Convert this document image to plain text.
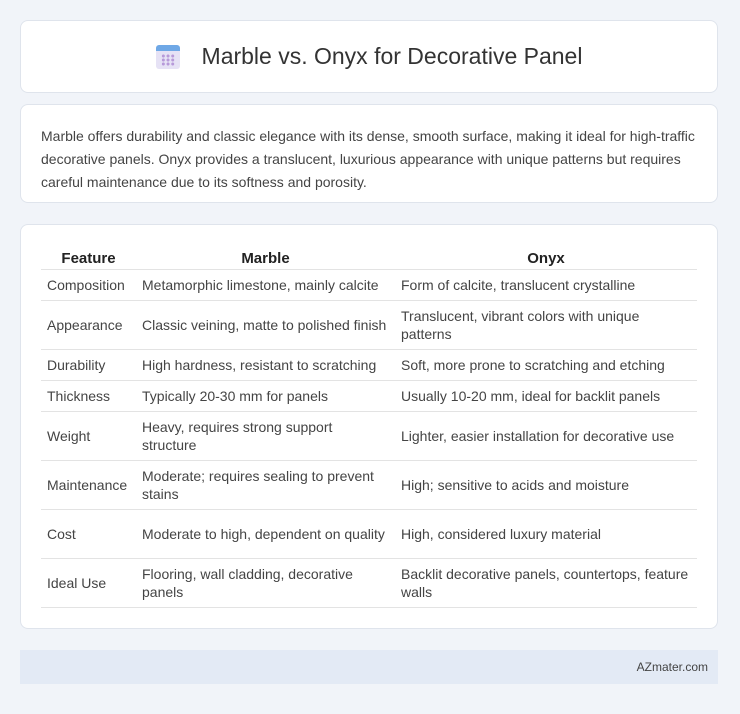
Marble vs. Onyx for Decorative Panel

Marble offers durability and classic elegance with its dense, smooth surface, making it ideal for high-traffic decorative panels. Onyx provides a translucent, luxurious appearance with unique patterns but requires careful maintenance due to its softness and porosity.

Feature	Marble	Onyx
Composition	Metamorphic limestone, mainly calcite	Form of calcite, translucent crystalline
Appearance	Classic veining, matte to polished finish	Translucent, vibrant colors with unique patterns
Durability	High hardness, resistant to scratching	Soft, more prone to scratching and etching
Thickness	Typically 20-30 mm for panels	Usually 10-20 mm, ideal for backlit panels
Weight	Heavy, requires strong support structure	Lighter, easier installation for decorative use
Maintenance	Moderate; requires sealing to prevent stains	High; sensitive to acids and moisture
Cost	Moderate to high, dependent on quality	High, considered luxury material
Ideal Use	Flooring, wall cladding, decorative panels	Backlit decorative panels, countertops, feature walls
AZmater.com
